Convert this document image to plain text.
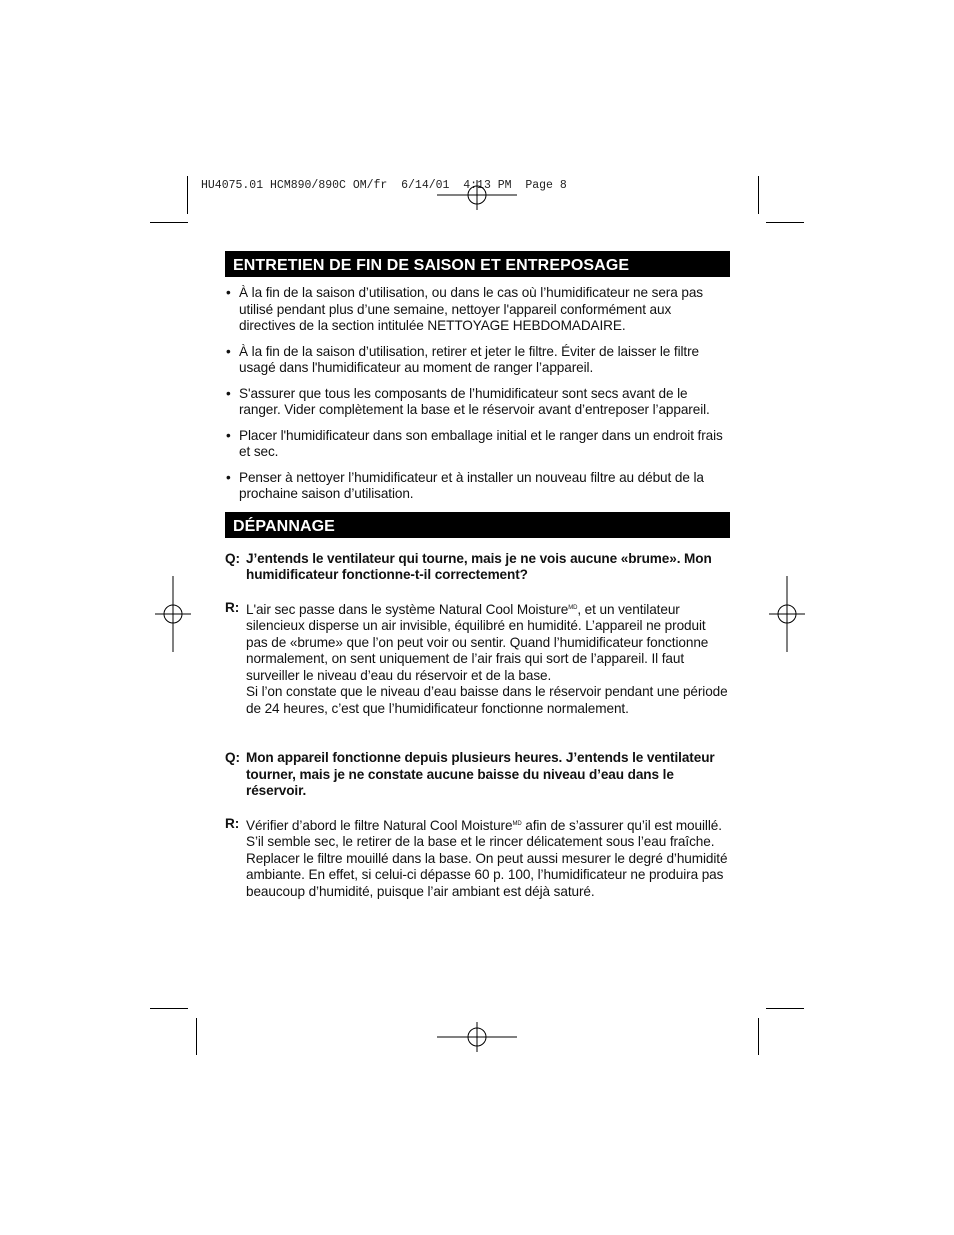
HU4075.01 HCM890/890C OM/fr  6/14/01  4:13 PM  Page 8
ENTRETIEN DE FIN DE SAISON ET ENTREPOSAGE
• À la fin de la saison d’utilisation, ou dans le cas où l’humidificateur ne sera pas utilisé pendant plus d’une semaine, nettoyer l'appareil conformément aux directives de la section intitulée NETTOYAGE HEBDOMADAIRE.
• À la fin de la saison d’utilisation, retirer et jeter le filtre. Éviter de laisser le filtre usagé dans l'humidificateur au moment de ranger l’appareil.
• S'assurer que tous les composants de l’humidificateur sont secs avant de le ranger. Vider complètement la base et le réservoir avant d’entreposer l’appareil.
• Placer l'humidificateur dans son emballage initial et le ranger dans un endroit frais et sec.
• Penser à nettoyer l’humidificateur et à installer un nouveau filtre au début de la prochaine saison d’utilisation.
DÉPANNAGE
Q: J’entends le ventilateur qui tourne, mais je ne vois aucune «brume». Mon humidificateur fonctionne-t-il correctement?
R: L'air sec passe dans le système Natural Cool Moisture$^{MD}$, et un ventilateur silencieux disperse un air invisible, équilibré en humidité. L’appareil ne produit pas de «brume» que l’on peut voir ou sentir. Quand l’humidificateur fonctionne normalement, on sent uniquement de l’air frais qui sort de l’appareil. Il faut surveiller le niveau d’eau du réservoir et de la base.
Si l’on constate que le niveau d’eau baisse dans le réservoir pendant une période de 24 heures, c’est que l’humidificateur fonctionne normalement.
Q: Mon appareil fonctionne depuis plusieurs heures. J’entends le ventilateur tourner, mais je ne constate aucune baisse du niveau d’eau dans le réservoir.
R: Vérifier d’abord le filtre Natural Cool Moisture$^{MD}$ afin de s’assurer qu’il est mouillé. S’il semble sec, le retirer de la base et le rincer délicatement sous l’eau fraîche. Replacer le filtre mouillé dans la base. On peut aussi mesurer le degré d’humidité ambiante. En effet, si celui-ci dépasse 60 p. 100, l’humidificateur ne produira pas beaucoup d’humidité, puisque l’air ambiant est déjà saturé.
